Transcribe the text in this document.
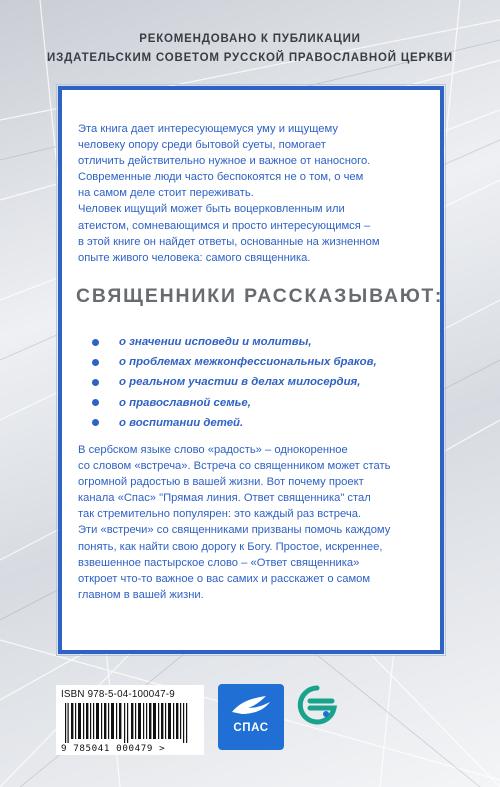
РЕКОМЕНДОВАНО К ПУБЛИКАЦИИ
ИЗДАТЕЛЬСКИМ СОВЕТОМ РУССКОЙ ПРАВОСЛАВНОЙ ЦЕРКВИ
Эта книга дает интересующемуся уму и ищущему
человеку опору среди бытовой суеты, помогает
отличить действительно нужное и важное от наносного.
Современные люди часто беспокоятся не о том, о чем
на самом деле стоит переживать.
Человек ищущий может быть воцерковленным или
атеистом, сомневающимся и просто интересующимся –
в этой книге он найдет ответы, основанные на жизненном
опыте живого человека: самого священника.
СВЯЩЕННИКИ РАССКАЗЫВАЮТ:
о значении исповеди и молитвы,
о проблемах межконфессиональных браков,
о реальном участии в делах милосердия,
о православной семье,
о воспитании детей.
В сербском языке слово «радость» – однокоренное
со словом «встреча». Встреча со священником может стать
огромной радостью в вашей жизни. Вот почему проект
канала «Спас» "Прямая линия. Ответ священника" стал
так стремительно популярен: это каждый раз встреча.
Эти «встречи» со священниками призваны помочь каждому
понять, как найти свою дорогу к Богу. Простое, искреннее,
взвешенное пастырское слово – «Ответ священника»
откроет что-то важное о вас самих и расскажет о самом
главном в вашей жизни.
ISBN 978-5-04-100047-9
9 785041 000479 >
СПАС
